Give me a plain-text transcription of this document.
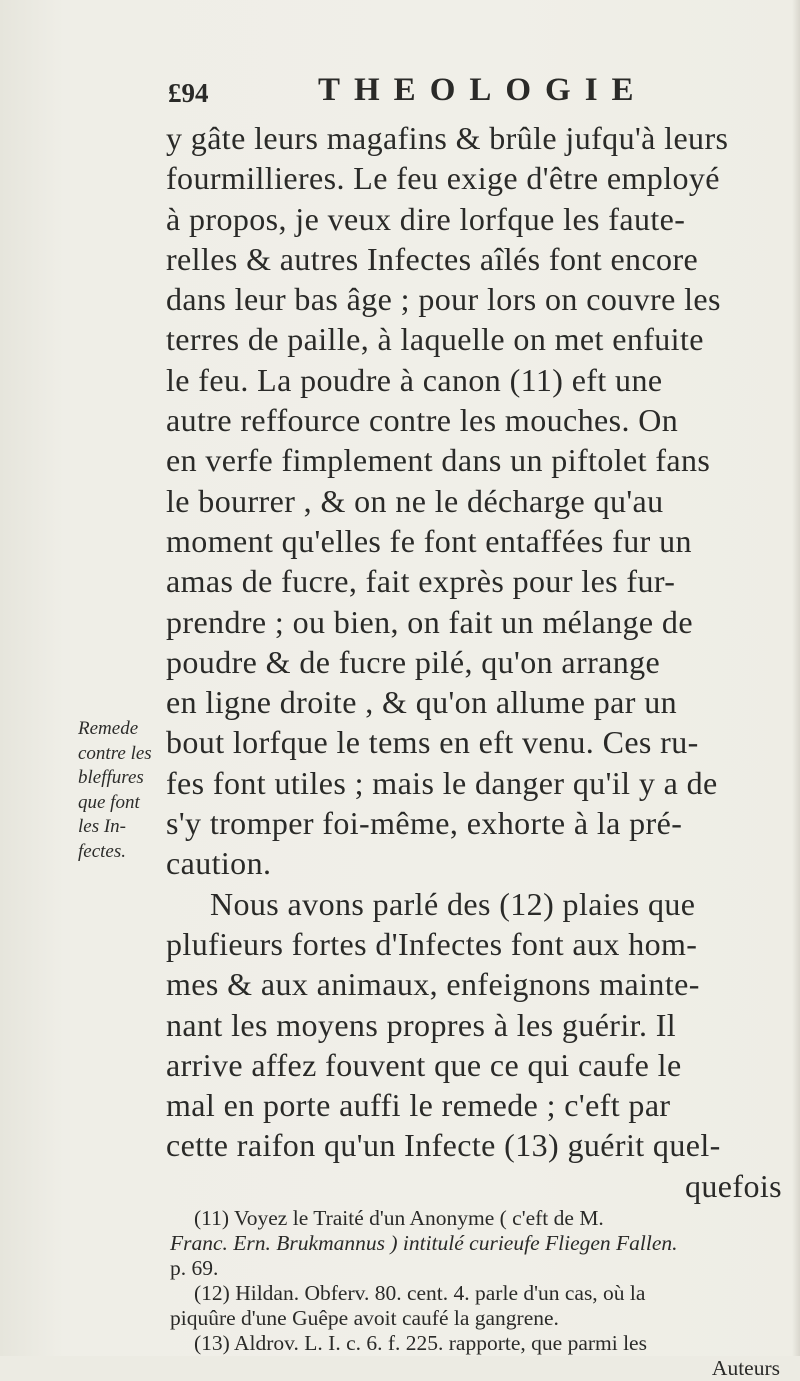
£94	THEOLOGIE
y gâte leurs magafins & brûle jufqu'à leurs
fourmillieres. Le feu exige d'être employé
à propos, je veux dire lorfque les faute-
relles & autres Infectes aîlés font encore
dans leur bas âge ; pour lors on couvre les
terres de paille, à laquelle on met enfuite
le feu. La poudre à canon (11) eft une
autre reffource contre les mouches. On
en verfe fimplement dans un piftolet fans
le bourrer , & on ne le décharge qu'au
moment qu'elles fe font entaffées fur un
amas de fucre, fait exprès pour les fur-
prendre ; ou bien, on fait un mélange de
poudre & de fucre pilé, qu'on arrange
en ligne droite , & qu'on allume par un
bout lorfque le tems en eft venu. Ces ru-
fes font utiles ; mais le danger qu'il y a de
s'y tromper foi-même, exhorte à la pré-
caution.
Nous avons parlé des (12) plaies que
plufieurs fortes d'Infectes font aux hom-
mes & aux animaux, enfeignons mainte-
nant les moyens propres à les guérir. Il
arrive affez fouvent que ce qui caufe le
mal en porte auffi le remede ; c'eft par
cette raifon qu'un Infecte (13) guérit quel-
quefois
Remede
contre les
bleffures
que font
les In-
fectes.
(11) Voyez le Traité d'un Anonyme ( c'eft de M.
Franc. Ern. Brukmannus ) intitulé curieufe Fliegen Fallen.
p. 69.
(12) Hildan. Obferv. 80. cent. 4. parle d'un cas, où la
piquûre d'une Guêpe avoit caufé la gangrene.
(13) Aldrov. L. I. c. 6. f. 225. rapporte, que parmi les
Auteurs
